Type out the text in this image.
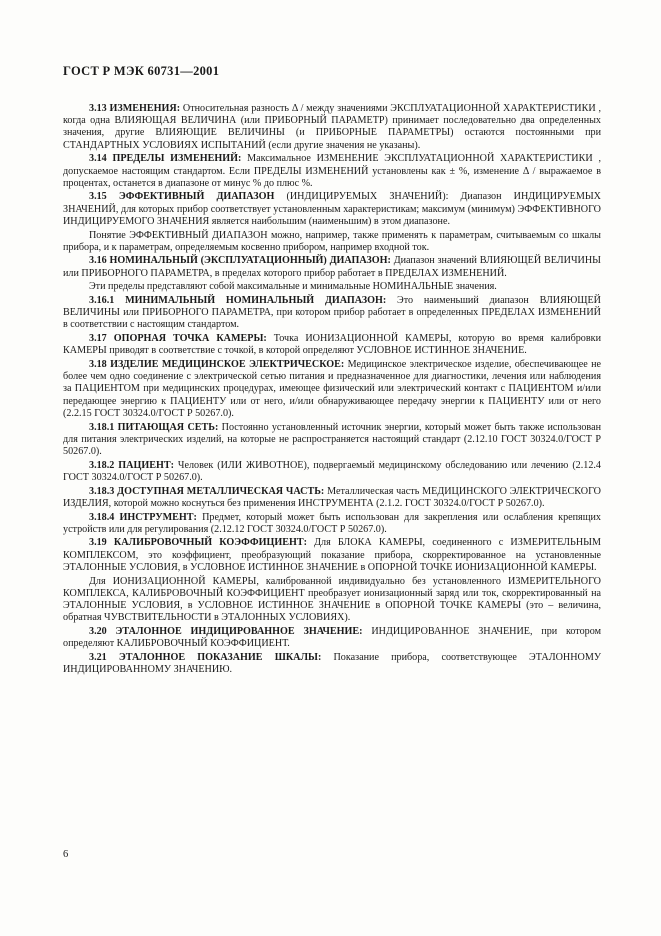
ГОСТ Р МЭК 60731—2001

3.13 ИЗМЕНЕНИЯ: Относительная разность Δ / между значениями ЭКСПЛУАТАЦИОННОЙ ХАРАКТЕРИСТИКИ , когда одна ВЛИЯЮЩАЯ ВЕЛИЧИНА (или ПРИБОРНЫЙ ПАРАМЕТР) принимает последовательно два определенных значения, другие ВЛИЯЮЩИЕ ВЕЛИЧИНЫ (и ПРИБОРНЫЕ ПАРАМЕТРЫ) остаются постоянными при СТАНДАРТНЫХ УСЛОВИЯХ ИСПЫТАНИЙ (если другие значения не указаны).

3.14 ПРЕДЕЛЫ ИЗМЕНЕНИЙ: Максимальное ИЗМЕНЕНИЕ ЭКСПЛУАТАЦИОННОЙ ХАРАКТЕРИСТИКИ , допускаемое настоящим стандартом. Если ПРЕДЕЛЫ ИЗМЕНЕНИЙ установлены как ± %, изменение Δ / выражаемое в процентах, останется в диапазоне от минус % до плюс %.

3.15 ЭФФЕКТИВНЫЙ ДИАПАЗОН (ИНДИЦИРУЕМЫХ ЗНАЧЕНИЙ): Диапазон ИНДИЦИРУЕМЫХ ЗНАЧЕНИЙ, для которых прибор соответствует установленным характеристикам; максимум (минимум) ЭФФЕКТИВНОГО ИНДИЦИРУЕМОГО ЗНАЧЕНИЯ является наибольшим (наименьшим) в этом диапазоне.

Понятие ЭФФЕКТИВНЫЙ ДИАПАЗОН можно, например, также применять к параметрам, считываемым со шкалы прибора, и к параметрам, определяемым косвенно прибором, например входной ток.

3.16 НОМИНАЛЬНЫЙ (ЭКСПЛУАТАЦИОННЫЙ) ДИАПАЗОН: Диапазон значений ВЛИЯЮЩЕЙ ВЕЛИЧИНЫ или ПРИБОРНОГО ПАРАМЕТРА, в пределах которого прибор работает в ПРЕДЕЛАХ ИЗМЕНЕНИЙ.

Эти пределы представляют собой максимальные и минимальные НОМИНАЛЬНЫЕ значения.

3.16.1 МИНИМАЛЬНЫЙ НОМИНАЛЬНЫЙ ДИАПАЗОН: Это наименьший диапазон ВЛИЯЮЩЕЙ ВЕЛИЧИНЫ или ПРИБОРНОГО ПАРАМЕТРА, при котором прибор работает в определенных ПРЕДЕЛАХ ИЗМЕНЕНИЙ в соответствии с настоящим стандартом.

3.17 ОПОРНАЯ ТОЧКА КАМЕРЫ: Точка ИОНИЗАЦИОННОЙ КАМЕРЫ, которую во время калибровки КАМЕРЫ приводят в соответствие с точкой, в которой определяют УСЛОВНОЕ ИСТИННОЕ ЗНАЧЕНИЕ.

3.18 ИЗДЕЛИЕ МЕДИЦИНСКОЕ ЭЛЕКТРИЧЕСКОЕ: Медицинское электрическое изделие, обеспечивающее не более чем одно соединение с электрической сетью питания и предназначенное для диагностики, лечения или наблюдения за ПАЦИЕНТОМ при медицинских процедурах, имеющее физический или электрический контакт с ПАЦИЕНТОМ и/или передающее энергию к ПАЦИЕНТУ или от него, и/или обнаруживающее передачу энергии к ПАЦИЕНТУ или от него (2.2.15 ГОСТ 30324.0/ГОСТ Р 50267.0).

3.18.1 ПИТАЮЩАЯ СЕТЬ: Постоянно установленный источник энергии, который может быть также использован для питания электрических изделий, на которые не распространяется настоящий стандарт (2.12.10 ГОСТ 30324.0/ГОСТ Р 50267.0).

3.18.2 ПАЦИЕНТ: Человек (ИЛИ ЖИВОТНОЕ), подвергаемый медицинскому обследованию или лечению (2.12.4 ГОСТ 30324.0/ГОСТ Р 50267.0).

3.18.3 ДОСТУПНАЯ МЕТАЛЛИЧЕСКАЯ ЧАСТЬ: Металлическая часть МЕДИЦИНСКОГО ЭЛЕКТРИЧЕСКОГО ИЗДЕЛИЯ, которой можно коснуться без применения ИНСТРУМЕНТА (2.1.2. ГОСТ 30324.0/ГОСТ Р 50267.0).

3.18.4 ИНСТРУМЕНТ: Предмет, который может быть использован для закрепления или ослабления крепящих устройств или для регулирования (2.12.12 ГОСТ 30324.0/ГОСТ Р 50267.0).

3.19 КАЛИБРОВОЧНЫЙ КОЭФФИЦИЕНТ: Для БЛОКА КАМЕРЫ, соединенного с ИЗМЕРИТЕЛЬНЫМ КОМПЛЕКСОМ, это коэффициент, преобразующий показание прибора, скорректированное на установленные ЭТАЛОННЫЕ УСЛОВИЯ, в УСЛОВНОЕ ИСТИННОЕ ЗНАЧЕНИЕ в ОПОРНОЙ ТОЧКЕ ИОНИЗАЦИОННОЙ КАМЕРЫ.

Для ИОНИЗАЦИОННОЙ КАМЕРЫ, калиброванной индивидуально без установленного ИЗМЕРИТЕЛЬНОГО КОМПЛЕКСА, КАЛИБРОВОЧНЫЙ КОЭФФИЦИЕНТ преобразует ионизационный заряд или ток, скорректированный на ЭТАЛОННЫЕ УСЛОВИЯ, в УСЛОВНОЕ ИСТИННОЕ ЗНАЧЕНИЕ в ОПОРНОЙ ТОЧКЕ КАМЕРЫ (это – величина, обратная ЧУВСТВИТЕЛЬНОСТИ в ЭТАЛОННЫХ УСЛОВИЯХ).

3.20 ЭТАЛОННОЕ ИНДИЦИРОВАННОЕ ЗНАЧЕНИЕ: ИНДИЦИРОВАННОЕ ЗНАЧЕНИЕ, при котором определяют КАЛИБРОВОЧНЫЙ КОЭФФИЦИЕНТ.

3.21 ЭТАЛОННОЕ ПОКАЗАНИЕ ШКАЛЫ: Показание прибора, соответствующее ЭТАЛОННОМУ ИНДИЦИРОВАННОМУ ЗНАЧЕНИЮ.

6
